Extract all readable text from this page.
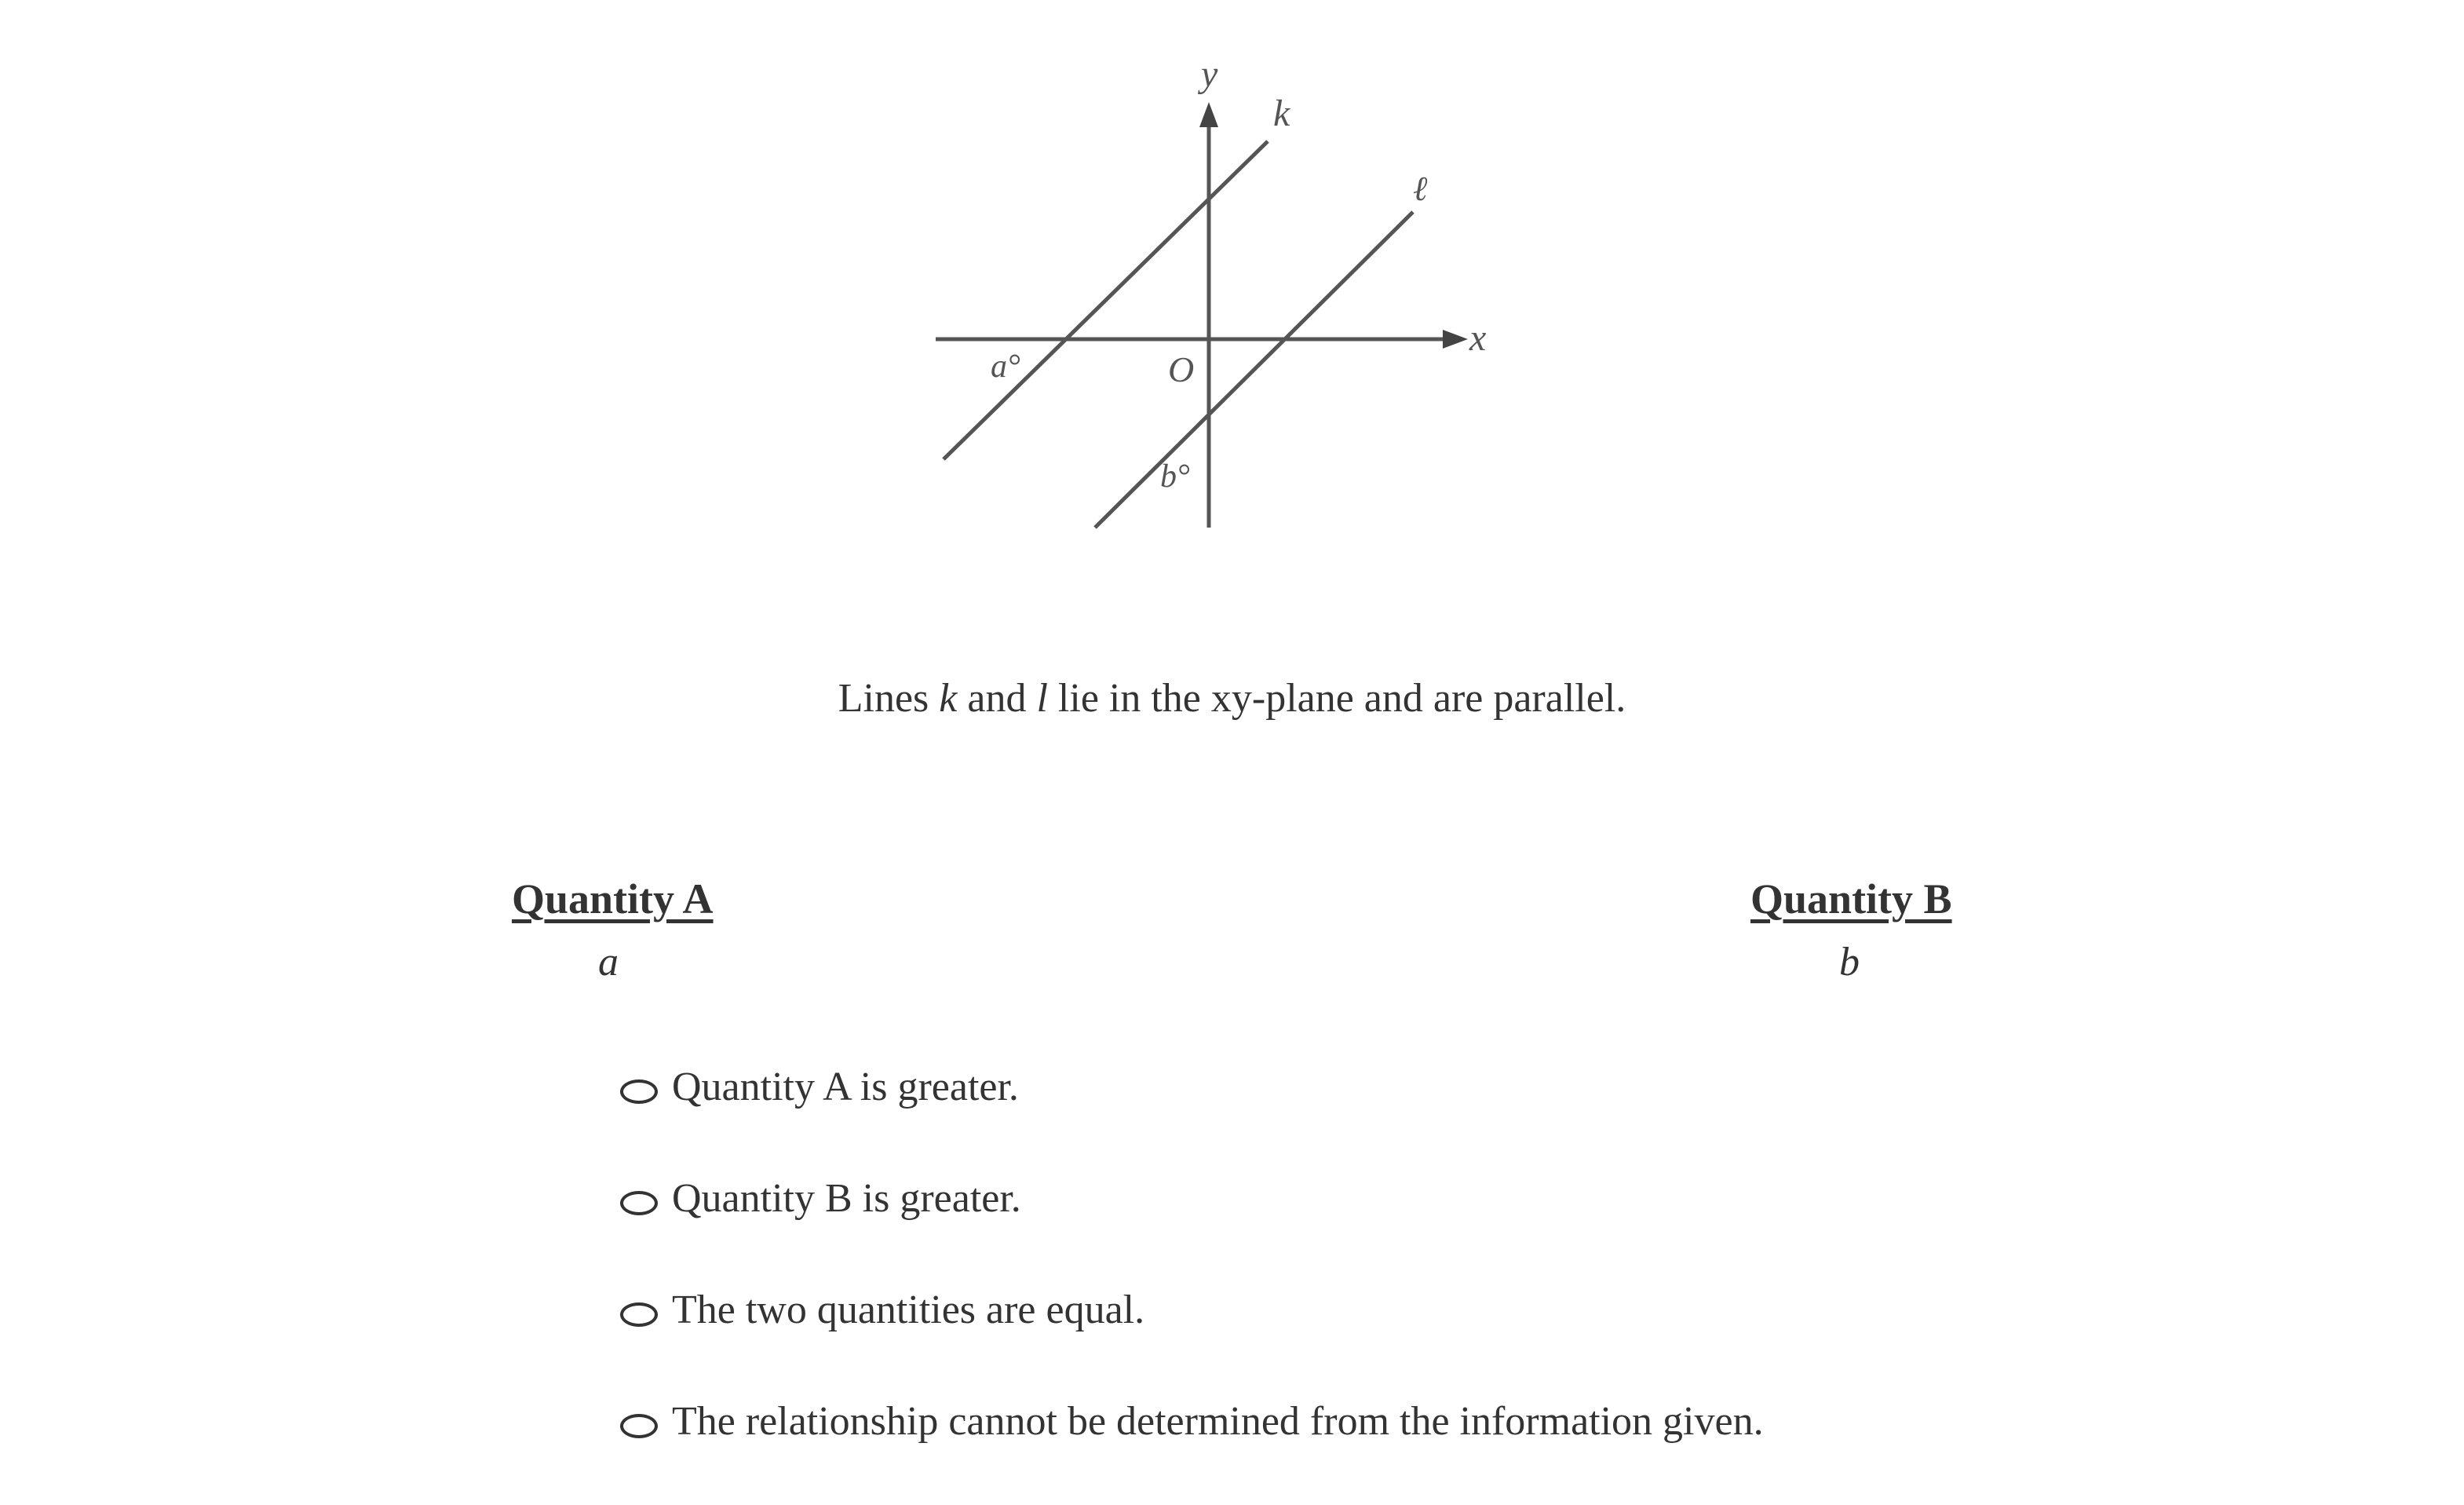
y
k
ℓ
x
O
a°
b°
Lines k and l lie in the xy-plane and are parallel.
Quantity A	Quantity B
a	b
Quantity A is greater.
Quantity B is greater.
The two quantities are equal.
The relationship cannot be determined from the information given.
